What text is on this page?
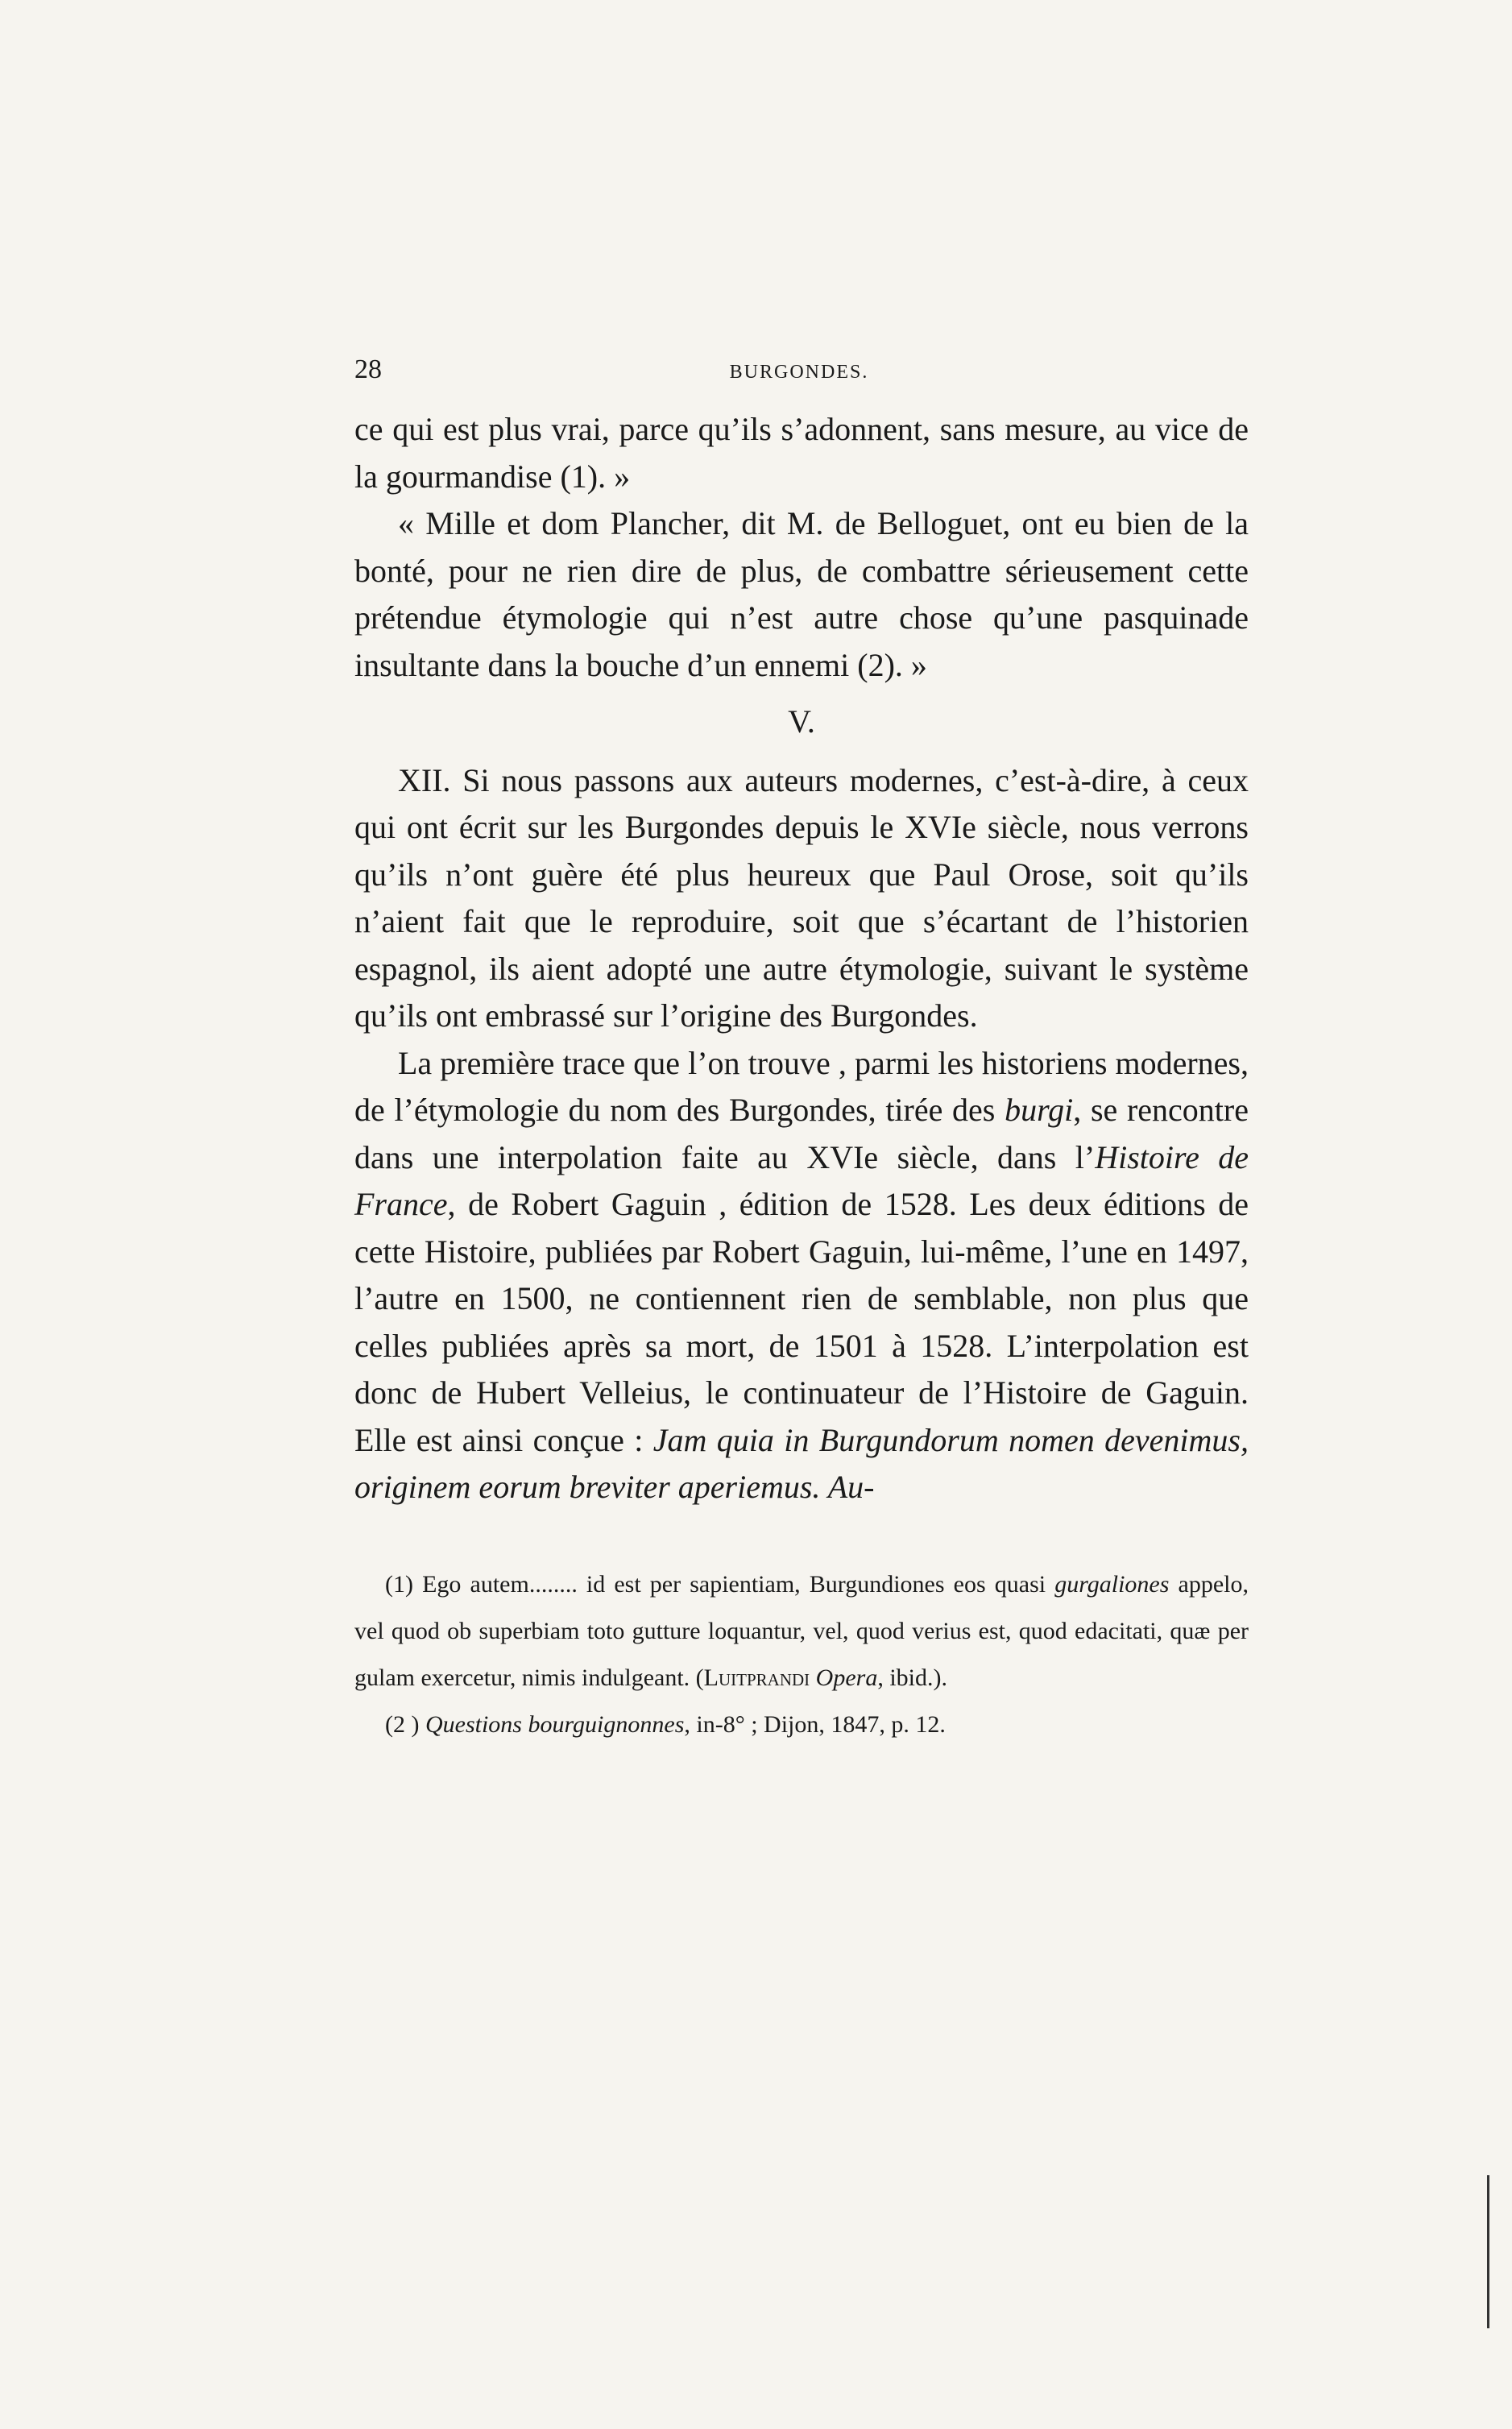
28	BURGONDES.

ce qui est plus vrai, parce qu’ils s’adonnent, sans mesure, au vice de la gourmandise (1). »

« Mille et dom Plancher, dit M. de Belloguet, ont eu bien de la bonté, pour ne rien dire de plus, de combattre sérieusement cette prétendue étymologie qui n’est autre chose qu’une pasquinade insultante dans la bouche d’un ennemi (2). »

V.

XII. Si nous passons aux auteurs modernes, c’est-à-dire, à ceux qui ont écrit sur les Burgondes depuis le XVIe siècle, nous verrons qu’ils n’ont guère été plus heureux que Paul Orose, soit qu’ils n’aient fait que le reproduire, soit que s’écartant de l’historien espagnol, ils aient adopté une autre étymologie, suivant le système qu’ils ont embrassé sur l’origine des Burgondes.

La première trace que l’on trouve , parmi les historiens modernes, de l’étymologie du nom des Burgondes, tirée des burgi, se rencontre dans une interpolation faite au XVIe siècle, dans l’Histoire de France, de Robert Gaguin , édition de 1528. Les deux éditions de cette Histoire, publiées par Robert Gaguin, lui-même, l’une en 1497, l’autre en 1500, ne contiennent rien de semblable, non plus que celles publiées après sa mort, de 1501 à 1528. L’interpolation est donc de Hubert Velleius, le continuateur de l’Histoire de Gaguin. Elle est ainsi conçue : Jam quia in Burgundorum nomen devenimus, originem eorum breviter aperiemus. Au-

(1) Ego autem........ id est per sapientiam, Burgundiones eos quasi gurgaliones appelo, vel quod ob superbiam toto gutture loquantur, vel, quod verius est, quod edacitati, quæ per gulam exercetur, nimis indulgeant. (Luitprandi Opera, ibid.).

(2 ) Questions bourguignonnes, in-8° ; Dijon, 1847, p. 12.
